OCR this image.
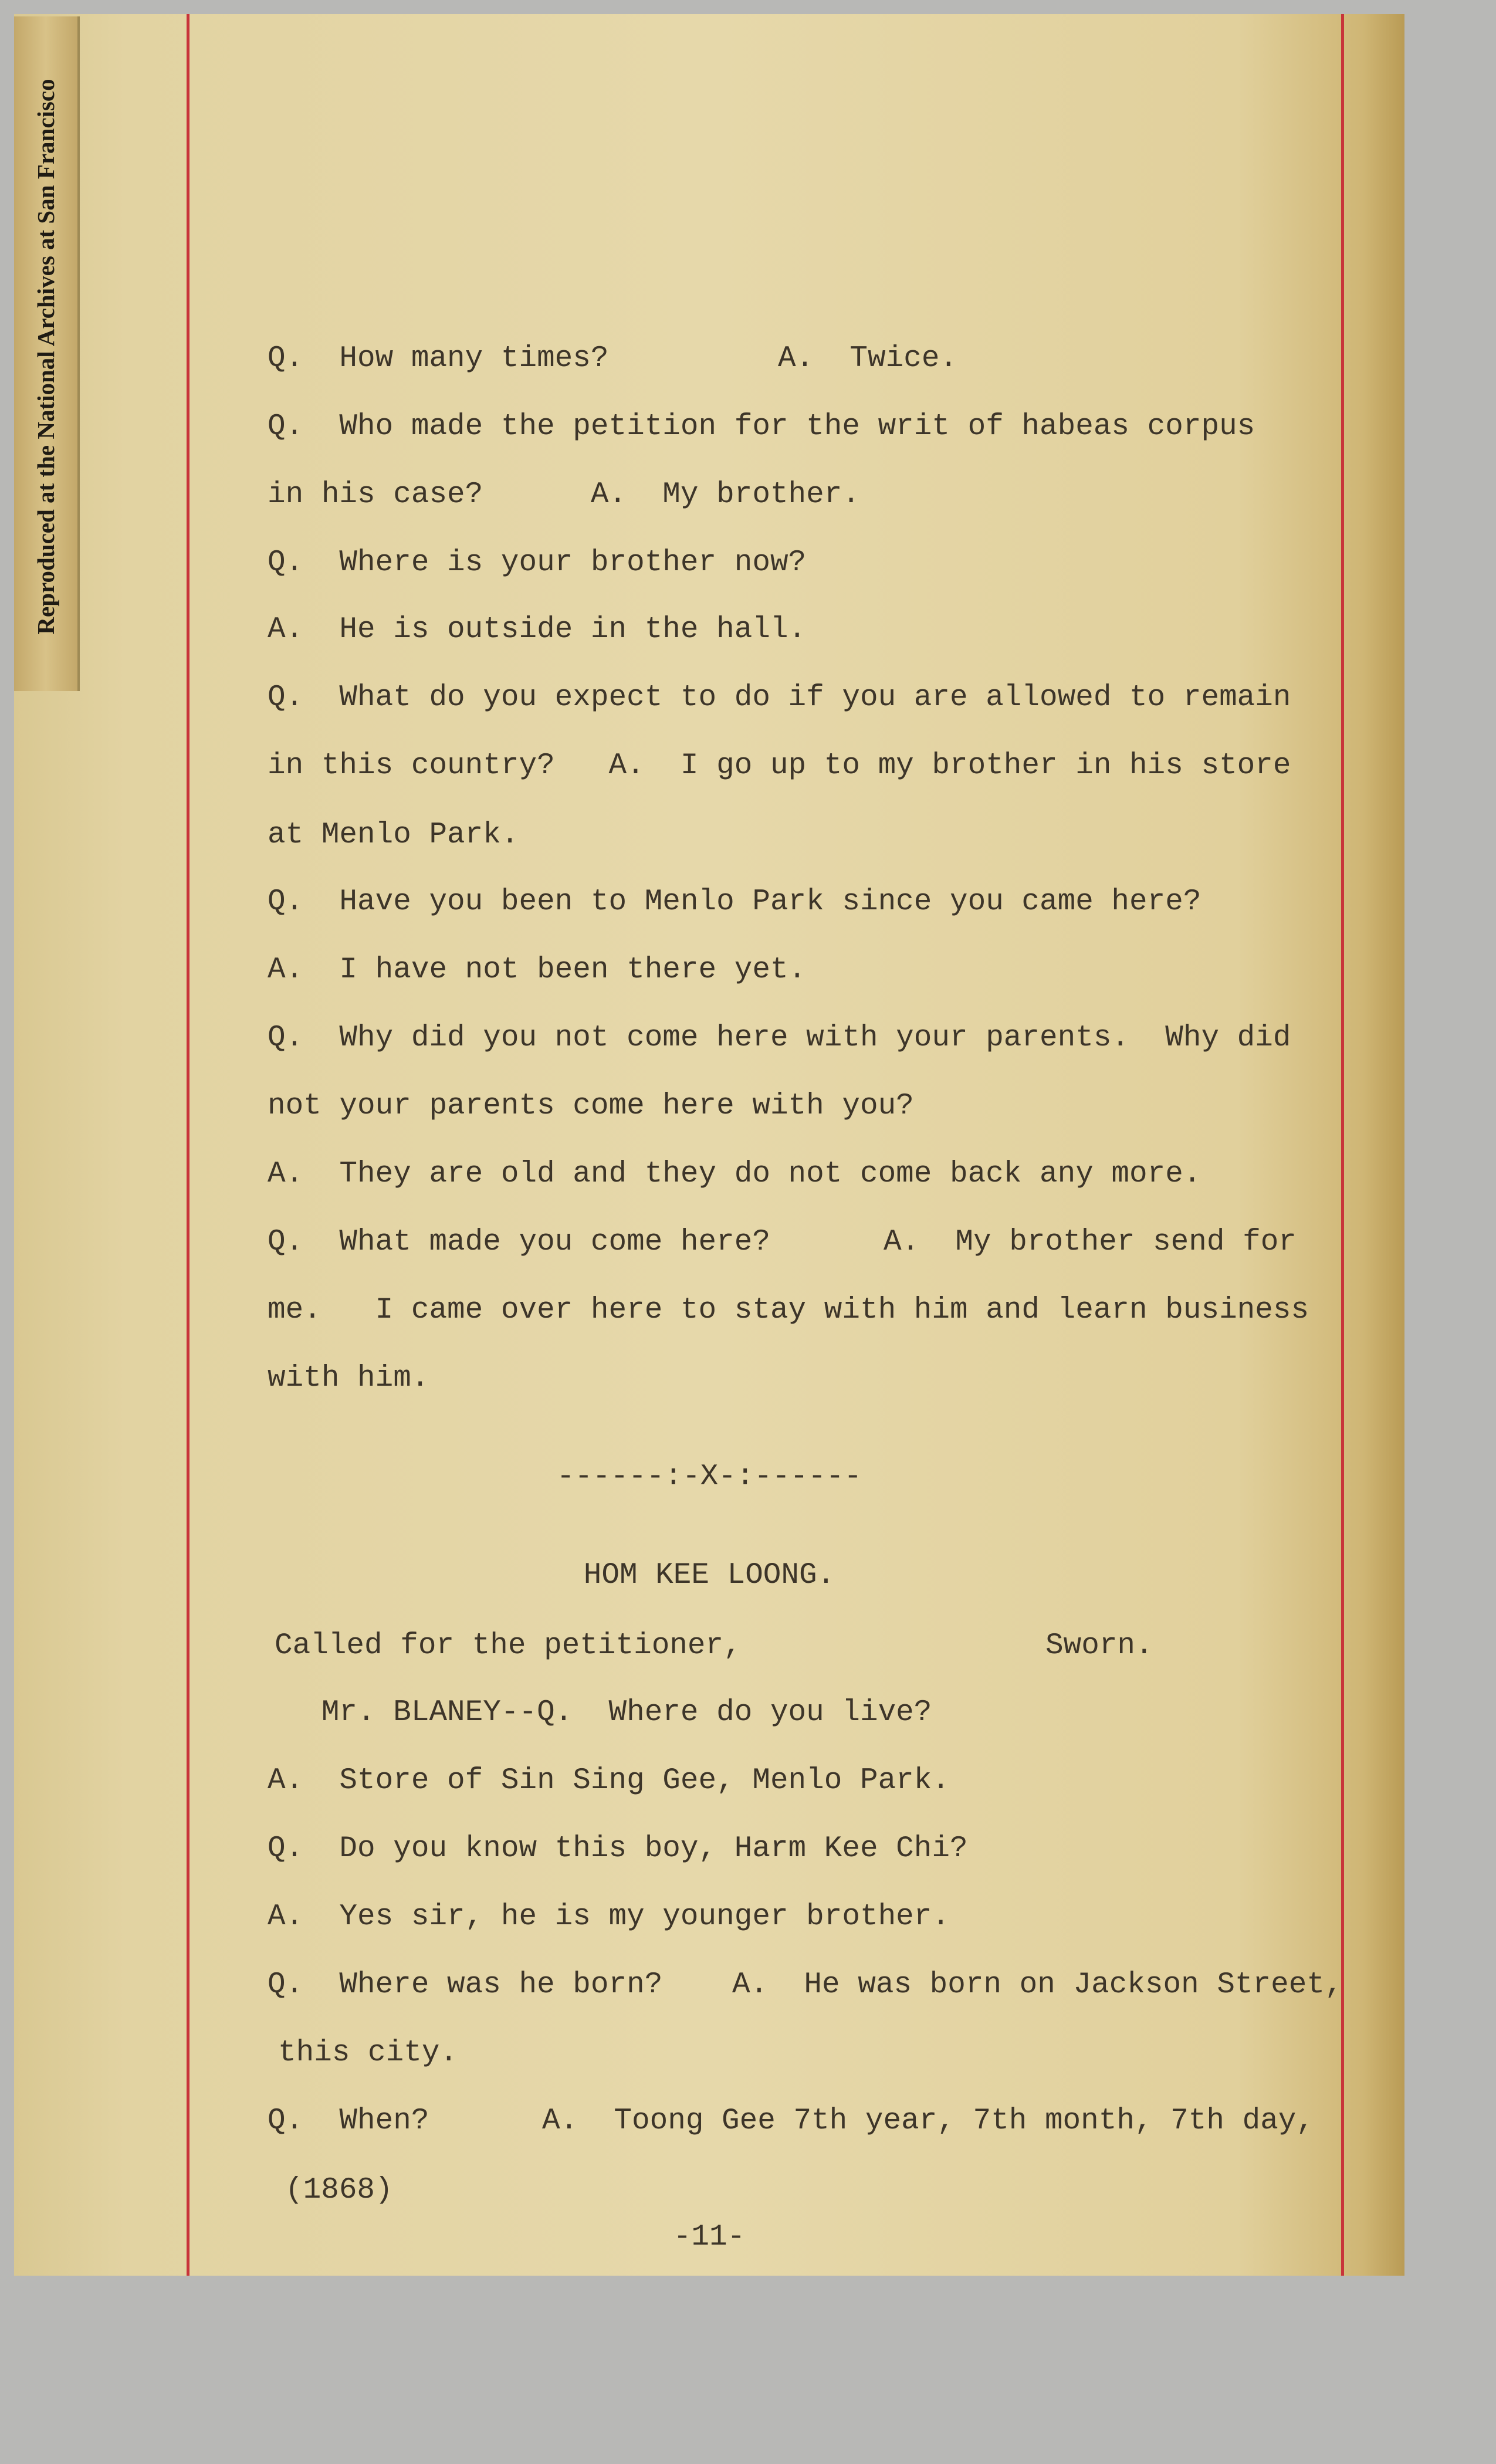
Reproduced at the National Archives at San Francisco	Q.  How many times?	A.  Twice.
Q.  Who made the petition for the writ of habeas corpus
in his case?      A.  My brother.
Q.  Where is your brother now?
A.  He is outside in the hall.
Q.  What do you expect to do if you are allowed to remain
in this country?   A.  I go up to my brother in his store
at Menlo Park.
Q.  Have you been to Menlo Park since you came here?
A.  I have not been there yet.
Q.  Why did you not come here with your parents.  Why did
not your parents come here with you?
A.  They are old and they do not come back any more.
Q.  What made you come here?	A.  My brother send for
me.   I came over here to stay with him and learn business
with him.
------:-X-:------
HOM KEE LOONG.
Called for the petitioner,	Sworn.
Mr. BLANEY--Q.  Where do you live?
A.  Store of Sin Sing Gee, Menlo Park.
Q.  Do you know this boy, Harm Kee Chi?
A.  Yes sir, he is my younger brother.
Q.  Where was he born? A.  He was born on Jackson Street,
this city.
Q.  When?	A.  Toong Gee 7th year, 7th month, 7th day,
(1868)
-11-
